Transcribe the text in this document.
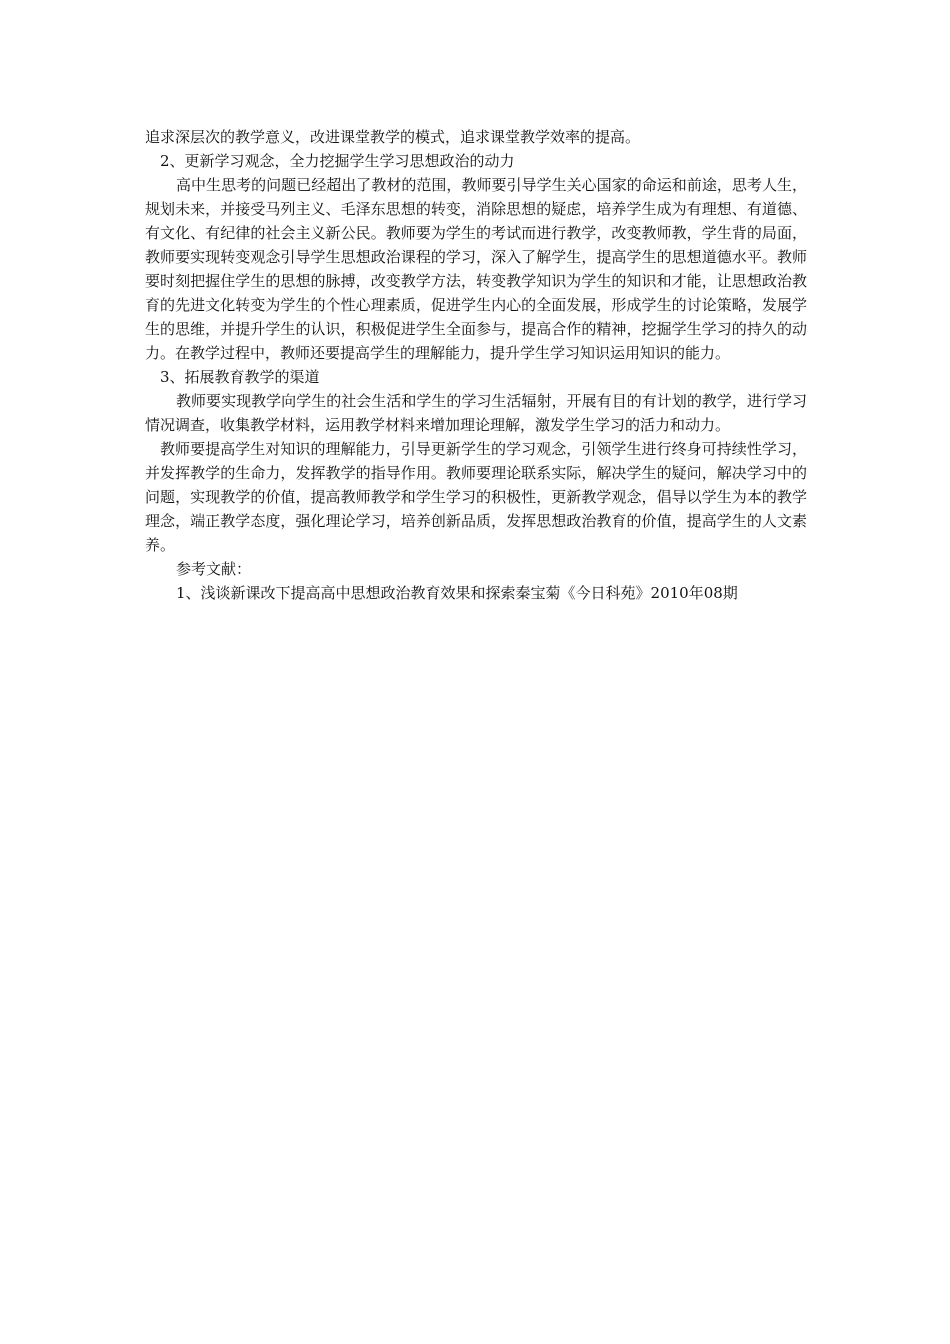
追求深层次的教学意义，改进课堂教学的模式，追求课堂教学效率的提高。

2、更新学习观念，全力挖掘学生学习思想政治的动力

高中生思考的问题已经超出了教材的范围，教师要引导学生关心国家的命运和前途，思考人生，规划未来，并接受马列主义、毛泽东思想的转变，消除思想的疑虑，培养学生成为有理想、有道德、有文化、有纪律的社会主义新公民。教师要为学生的考试而进行教学，改变教师教，学生背的局面，教师要实现转变观念引导学生思想政治课程的学习，深入了解学生，提高学生的思想道德水平。教师要时刻把握住学生的思想的脉搏，改变教学方法，转变教学知识为学生的知识和才能，让思想政治教育的先进文化转变为学生的个性心理素质，促进学生内心的全面发展，形成学生的讨论策略，发展学生的思维，并提升学生的认识，积极促进学生全面参与，提高合作的精神，挖掘学生学习的持久的动力。在教学过程中，教师还要提高学生的理解能力，提升学生学习知识运用知识的能力。

3、拓展教育教学的渠道

教师要实现教学向学生的社会生活和学生的学习生活辐射，开展有目的有计划的教学，进行学习情况调查，收集教学材料，运用教学材料来增加理论理解，激发学生学习的活力和动力。

教师要提高学生对知识的理解能力，引导更新学生的学习观念，引领学生进行终身可持续性学习，并发挥教学的生命力，发挥教学的指导作用。教师要理论联系实际，解决学生的疑问，解决学习中的问题，实现教学的价值，提高教师教学和学生学习的积极性，更新教学观念，倡导以学生为本的教学理念，端正教学态度，强化理论学习，培养创新品质，发挥思想政治教育的价值，提高学生的人文素养。

参考文献：

1、浅谈新课改下提高高中思想政治教育效果和探索秦宝菊《今日科苑》2010年08期
